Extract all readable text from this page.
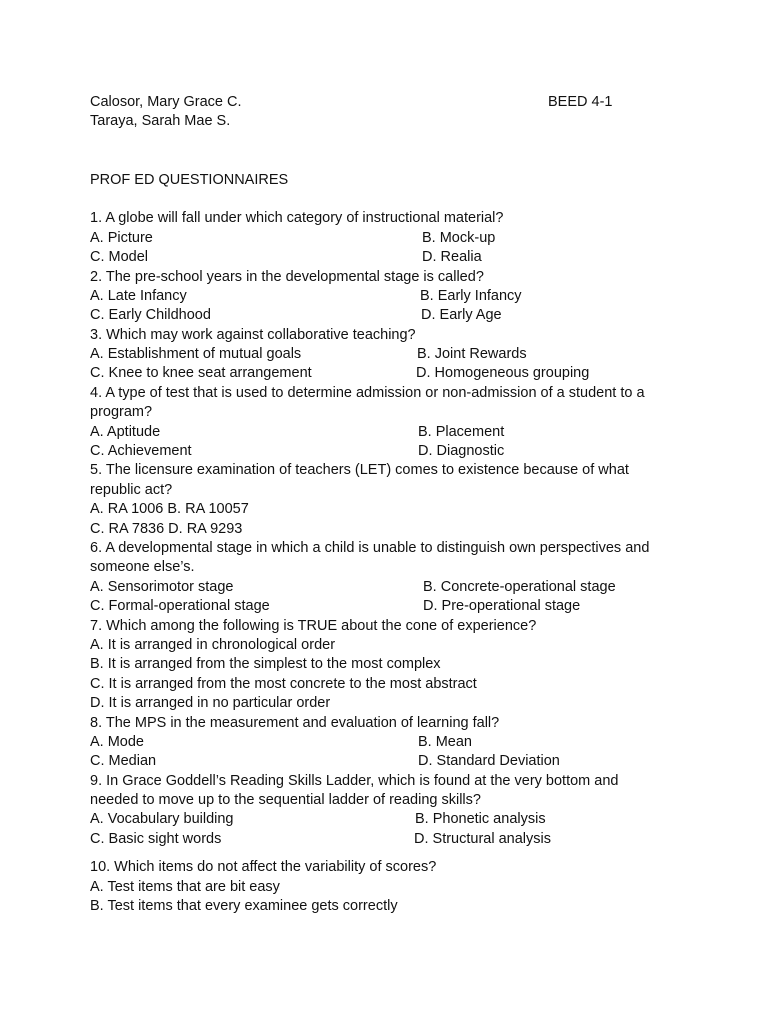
Calosor, Mary Grace C.	BEED 4-1
Taraya, Sarah Mae S.
PROF ED QUESTIONNAIRES
1. A globe will fall under which category of instructional material?
A. Picture	B. Mock-up
C. Model	D. Realia
2. The pre-school years in the developmental stage is called?
A. Late Infancy	B. Early Infancy
C. Early Childhood	D. Early Age
3. Which may work against collaborative teaching?
A. Establishment of mutual goals	B. Joint Rewards
C. Knee to knee seat arrangement	D. Homogeneous grouping
4. A type of test that is used to determine admission or non-admission of a student to a
program?
A. Aptitude	B. Placement
C. Achievement	D. Diagnostic
5. The licensure examination of teachers (LET) comes to existence because of what
republic act?
A. RA 1006 B. RA 10057
C. RA 7836 D. RA 9293
6. A developmental stage in which a child is unable to distinguish own perspectives and
someone else’s.
A. Sensorimotor stage	B. Concrete-operational stage
C. Formal-operational stage	D. Pre-operational stage
7. Which among the following is TRUE about the cone of experience?
A. It is arranged in chronological order
B. It is arranged from the simplest to the most complex
C. It is arranged from the most concrete to the most abstract
D. It is arranged in no particular order
8. The MPS in the measurement and evaluation of learning fall?
A. Mode	B. Mean
C. Median	D. Standard Deviation
9. In Grace Goddell’s Reading Skills Ladder, which is found at the very bottom and
needed to move up to the sequential ladder of reading skills?
A. Vocabulary building	B. Phonetic analysis
C. Basic sight words	D. Structural analysis
10. Which items do not affect the variability of scores?
A. Test items that are bit easy
B. Test items that every examinee gets correctly
